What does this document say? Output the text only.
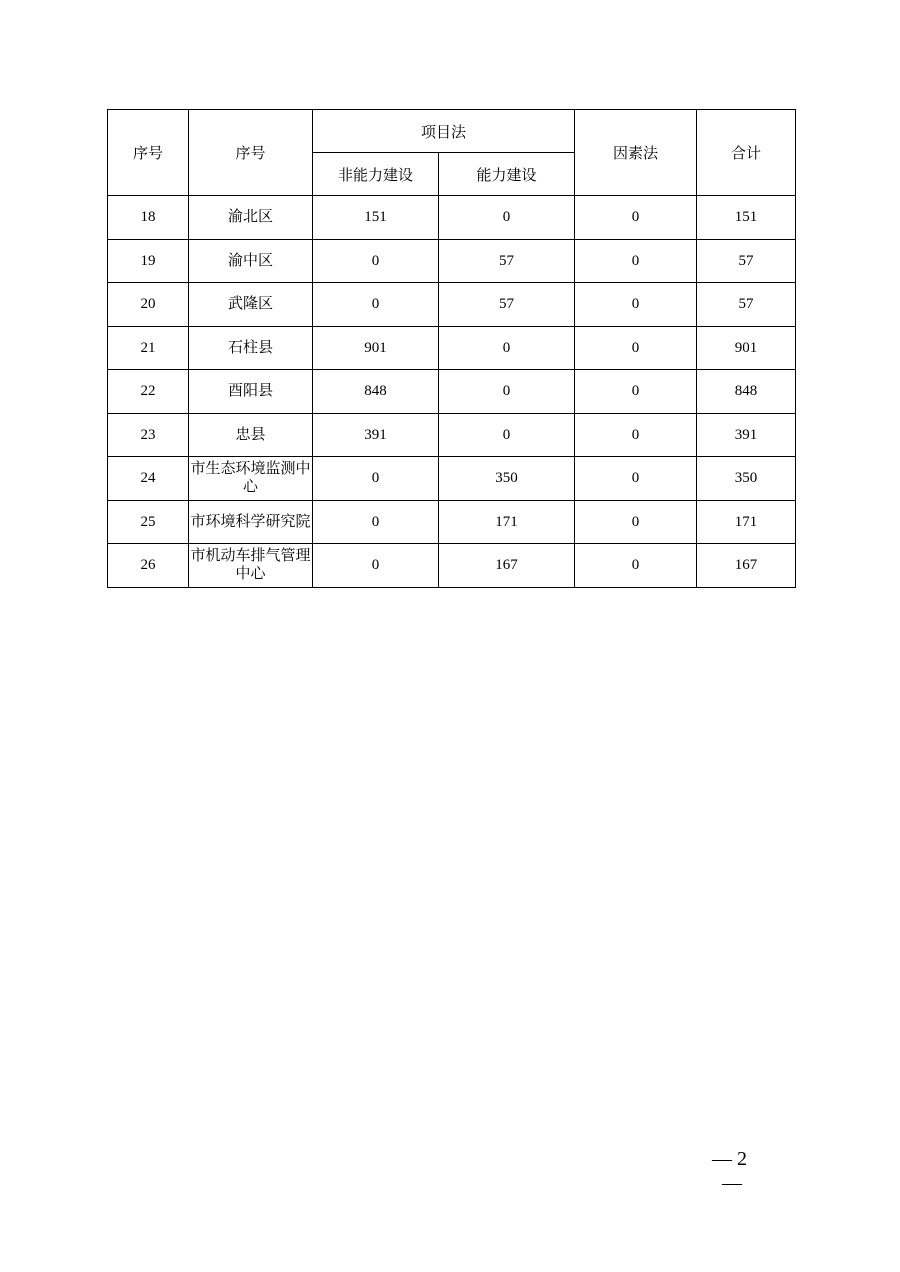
序号	序号	项目法		因素法	合计
		非能力建设	能力建设		
18	渝北区	151	0	0	151
19	渝中区	0	57	0	57
20	武隆区	0	57	0	57
21	石柱县	901	0	0	901
22	酉阳县	848	0	0	848
23	忠县	391	0	0	391
24	市生态环境监测中心	0	350	0	350
25	市环境科学研究院	0	171	0	171
26	市机动车排气管理中心	0	167	0	167
— 2
—
